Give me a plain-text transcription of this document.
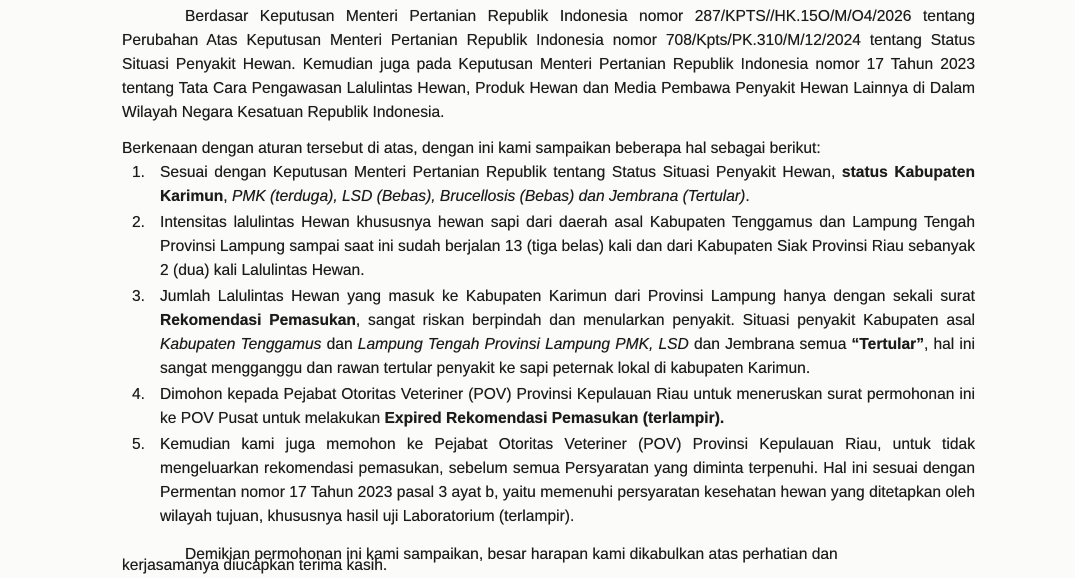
Berdasar Keputusan Menteri Pertanian Republik Indonesia nomor 287/KPTS//HK.15O/M/O4/2026 tentang Perubahan Atas Keputusan Menteri Pertanian Republik Indonesia nomor 708/Kpts/PK.310/M/12/2024 tentang Status Situasi Penyakit Hewan. Kemudian juga pada Keputusan Menteri Pertanian Republik Indonesia nomor 17 Tahun 2023 tentang Tata Cara Pengawasan Lalulintas Hewan, Produk Hewan dan Media Pembawa Penyakit Hewan Lainnya di Dalam Wilayah Negara Kesatuan Republik Indonesia.

Berkenaan dengan aturan tersebut di atas, dengan ini kami sampaikan beberapa hal sebagai berikut:

1. Sesuai dengan Keputusan Menteri Pertanian Republik tentang Status Situasi Penyakit Hewan, status Kabupaten Karimun, PMK (terduga), LSD (Bebas), Brucellosis (Bebas) dan Jembrana (Tertular).
2. Intensitas lalulintas Hewan khususnya hewan sapi dari daerah asal Kabupaten Tenggamus dan Lampung Tengah Provinsi Lampung sampai saat ini sudah berjalan 13 (tiga belas) kali dan dari Kabupaten Siak Provinsi Riau sebanyak 2 (dua) kali Lalulintas Hewan.
3. Jumlah Lalulintas Hewan yang masuk ke Kabupaten Karimun dari Provinsi Lampung hanya dengan sekali surat Rekomendasi Pemasukan, sangat riskan berpindah dan menularkan penyakit. Situasi penyakit Kabupaten asal Kabupaten Tenggamus dan Lampung Tengah Provinsi Lampung PMK, LSD dan Jembrana semua “Tertular”, hal ini sangat mengganggu dan rawan tertular penyakit ke sapi peternak lokal di kabupaten Karimun.
4. Dimohon kepada Pejabat Otoritas Veteriner (POV) Provinsi Kepulauan Riau untuk meneruskan surat permohonan ini ke POV Pusat untuk melakukan Expired Rekomendasi Pemasukan (terlampir).
5. Kemudian kami juga memohon ke Pejabat Otoritas Veteriner (POV) Provinsi Kepulauan Riau, untuk tidak mengeluarkan rekomendasi pemasukan, sebelum semua Persyaratan yang diminta terpenuhi. Hal ini sesuai dengan Permentan nomor 17 Tahun 2023 pasal 3 ayat b, yaitu memenuhi persyaratan kesehatan hewan yang ditetapkan oleh wilayah tujuan, khususnya hasil uji Laboratorium (terlampir).

Demikian permohonan ini kami sampaikan, besar harapan kami dikabulkan atas perhatian dan

kerjasamanya diucapkan terima kasih.
